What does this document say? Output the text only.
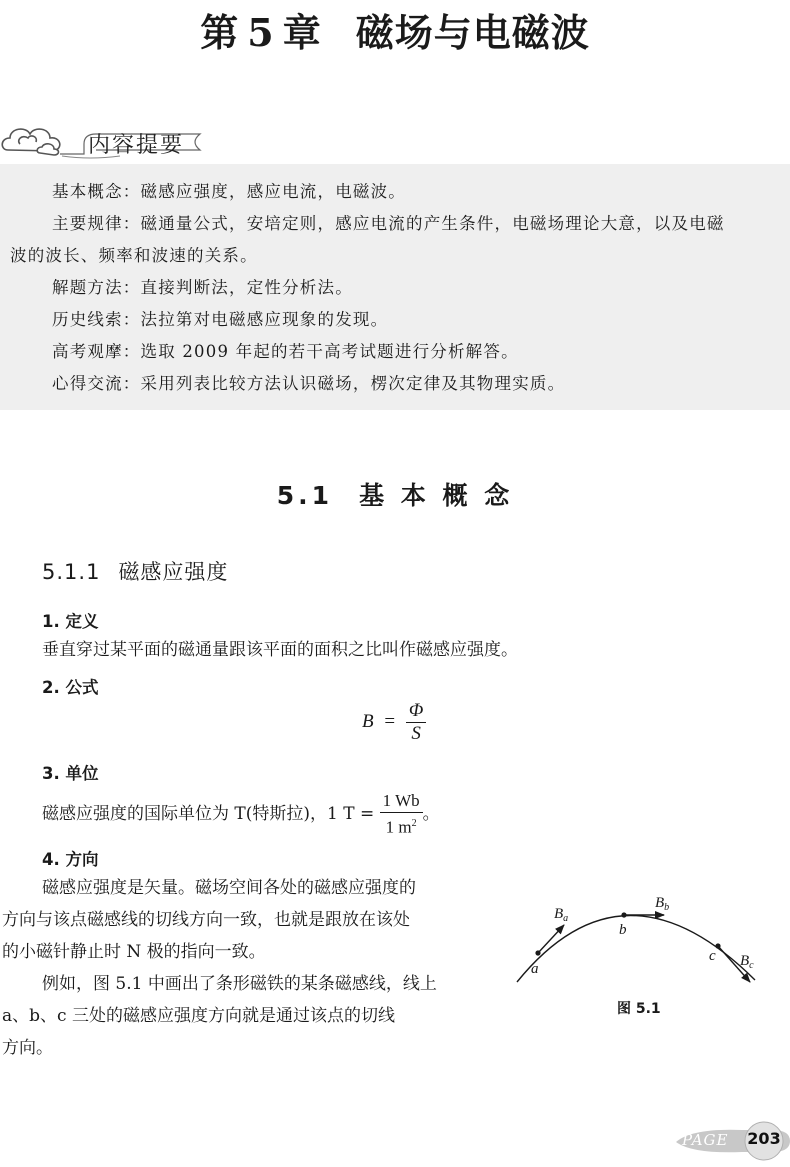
第 5 章 磁场与电磁波
内容提要
基本概念：磁感应强度，感应电流，电磁波。
主要规律：磁通量公式，安培定则，感应电流的产生条件，电磁场理论大意，以及电磁
波的波长、频率和波速的关系。
解题方法：直接判断法，定性分析法。
历史线索：法拉第对电磁感应现象的发现。
高考观摩：选取 2009 年起的若干高考试题进行分析解答。
心得交流：采用列表比较方法认识磁场，楞次定律及其物理实质。
5.1 基 本 概 念
5.1.1 磁感应强度
1. 定义
垂直穿过某平面的磁通量跟该平面的面积之比叫作磁感应强度。
2. 公式
$B = \frac{\Phi}{S}$
3. 单位
磁感应强度的国际单位为 T(特斯拉)，1 $T = \frac{1 Wb}{1 m^2}$ 。
4. 方向
磁感应强度是矢量。磁场空间各处的磁感应强度的
方向与该点磁感线的切线方向一致，也就是跟放在该处
的小磁针静止时 N 极的指向一致。
例如，图 5.1 中画出了条形磁铁的某条磁感线，线上
a、b、c 三处的磁感应强度方向就是通过该点的切线
方向。
a
b
c
$B_a$
$B_b$
$B_c$
图 5.1
PAGE 203
